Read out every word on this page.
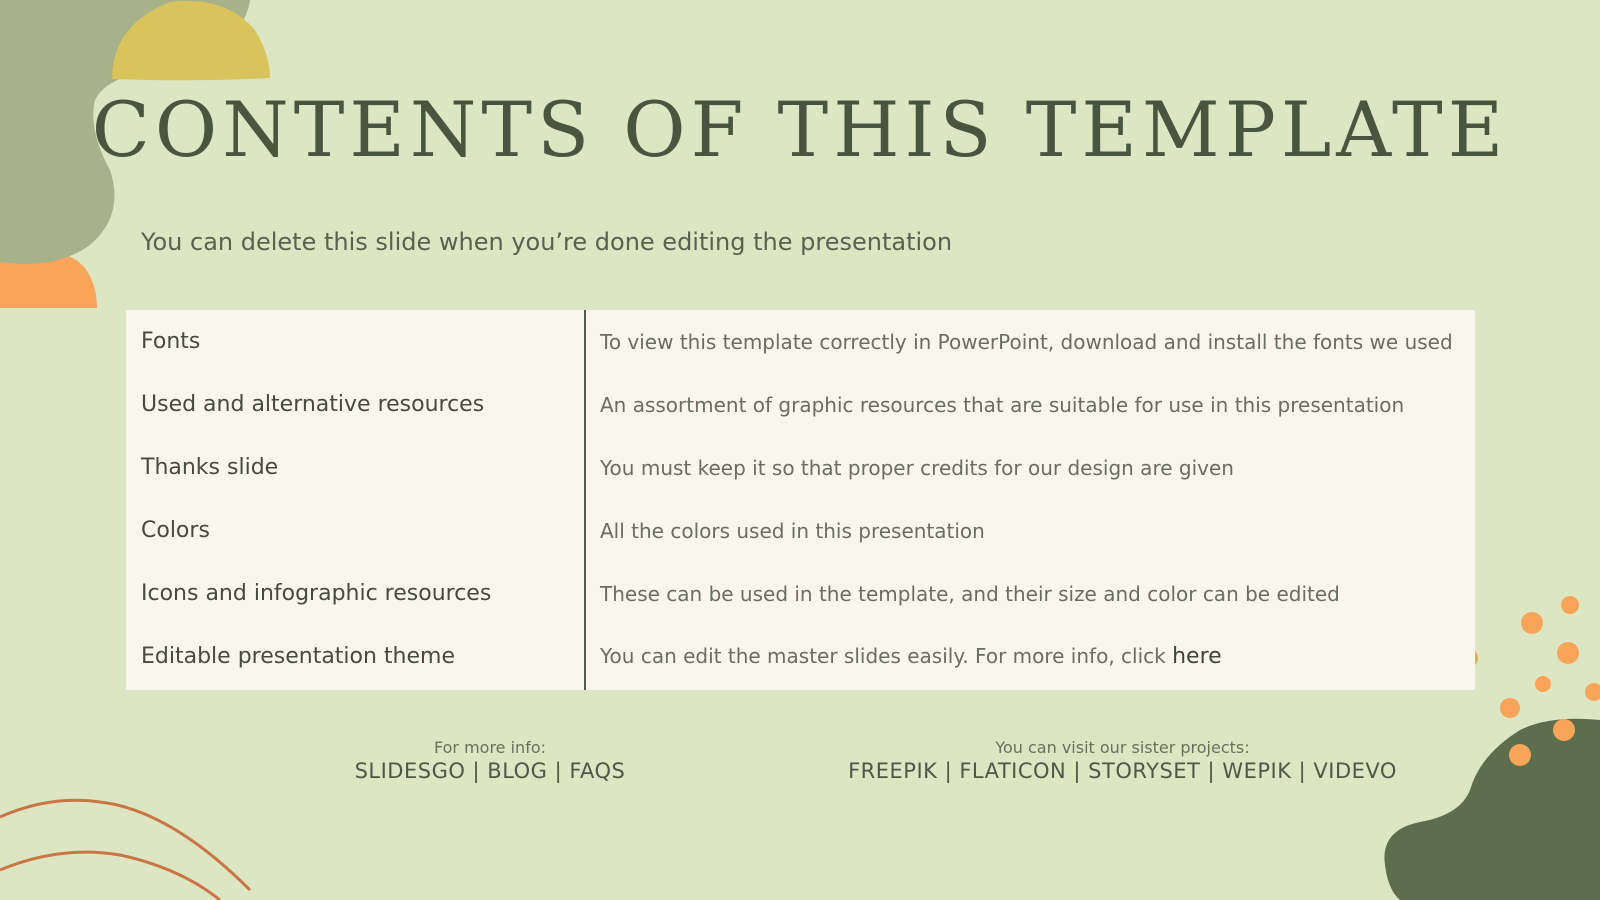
CONTENTS OF THIS TEMPLATE

You can delete this slide when you’re done editing the presentation

Fonts	To view this template correctly in PowerPoint, download and install the fonts we used
Used and alternative resources	An assortment of graphic resources that are suitable for use in this presentation
Thanks slide	You must keep it so that proper credits for our design are given
Colors	All the colors used in this presentation
Icons and infographic resources	These can be used in the template, and their size and color can be edited
Editable presentation theme	You can edit the master slides easily. For more info, click here
For more info:
SLIDESGO | BLOG | FAQS
You can visit our sister projects:
FREEPIK | FLATICON | STORYSET | WEPIK | VIDEVO
